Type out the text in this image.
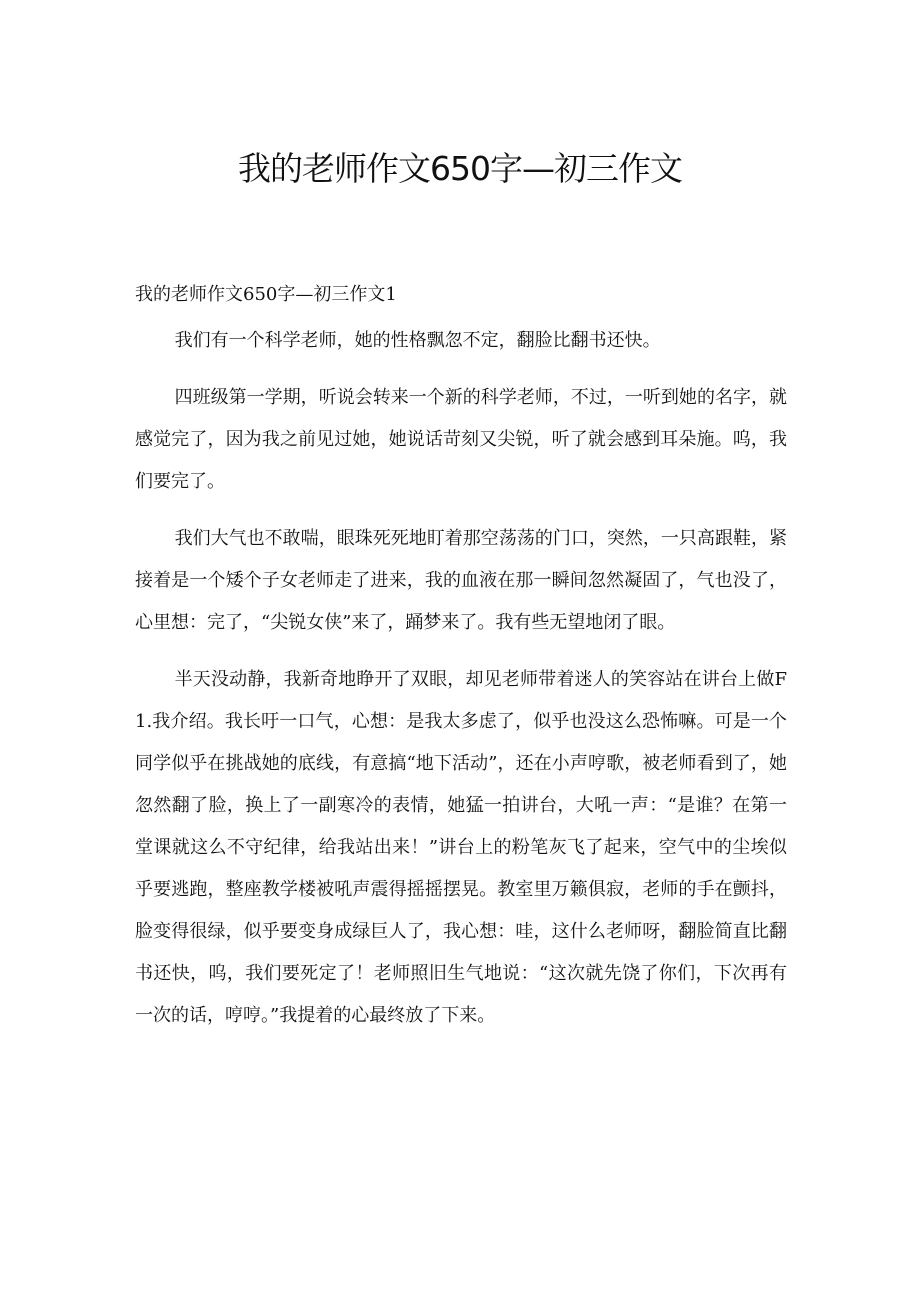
我的老师作文650字—初三作文
我的老师作文650字—初三作文1

我们有一个科学老师，她的性格飘忽不定，翻脸比翻书还快。

四班级第一学期，听说会转来一个新的科学老师，不过，一听到她的名字，就感觉完了，因为我之前见过她，她说话苛刻又尖锐，听了就会感到耳朵施。呜，我们要完了。

我们大气也不敢喘，眼珠死死地盯着那空荡荡的门口，突然，一只高跟鞋，紧接着是一个矮个子女老师走了进来，我的血液在那一瞬间忽然凝固了，气也没了，心里想：完了，“尖锐女侠”来了，踊梦来了。我有些无望地闭了眼。

半天没动静，我新奇地睁开了双眼，却见老师带着迷人的笑容站在讲台上做F1.我介绍。我长吁一口气，心想：是我太多虑了，似乎也没这么恐怖嘛。可是一个同学似乎在挑战她的底线，有意搞“地下活动”，还在小声哼歌，被老师看到了，她忽然翻了脸，换上了一副寒冷的表情，她猛一拍讲台，大吼一声：“是谁？在第一堂课就这么不守纪律，给我站出来！”讲台上的粉笔灰飞了起来，空气中的尘埃似乎要逃跑，整座教学楼被吼声震得摇摇摆晃。教室里万籁俱寂，老师的手在颤抖，脸变得很绿，似乎要变身成绿巨人了，我心想：哇，这什么老师呀，翻脸简直比翻书还快，呜，我们要死定了！老师照旧生气地说：“这次就先饶了你们，下次再有一次的话，哼哼。”我提着的心最终放了下来。
